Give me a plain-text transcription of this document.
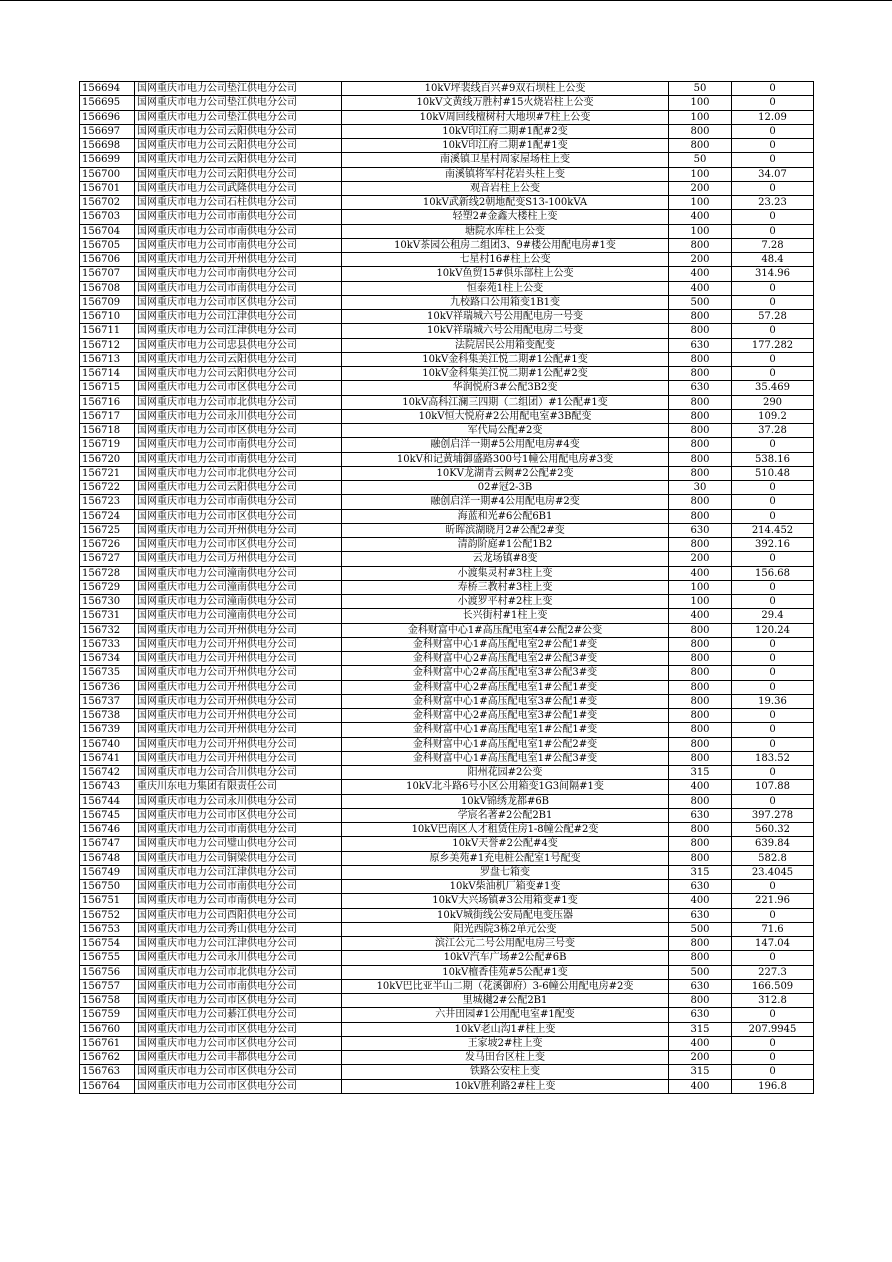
156694	国网重庆市电力公司垫江供电分公司	10kV坪裴线百兴#9双石坝柱上公变	50	0
156695	国网重庆市电力公司垫江供电分公司	10kV文黄线万胜村#15火烧岩柱上公变	100	0
156696	国网重庆市电力公司垫江供电分公司	10kV周回线檀树村大地坝#7柱上公变	100	12.09
156697	国网重庆市电力公司云阳供电分公司	10kV印江府二期#1配#2变	800	0
156698	国网重庆市电力公司云阳供电分公司	10kV印江府二期#1配#1变	800	0
156699	国网重庆市电力公司云阳供电分公司	南溪镇卫星村周家屋场柱上变	50	0
156700	国网重庆市电力公司云阳供电分公司	南溪镇将军村花岩头柱上变	100	34.07
156701	国网重庆市电力公司武隆供电分公司	观音岩柱上公变	200	0
156702	国网重庆市电力公司石柱供电分公司	10kV武新线2朝地配变S13-100kVA	100	23.23
156703	国网重庆市电力公司市南供电分公司	轻塑2#金鑫大楼柱上变	400	0
156704	国网重庆市电力公司市南供电分公司	塘院水库柱上公变	100	0
156705	国网重庆市电力公司市南供电分公司	10kV茶园公租房二组团3、9#楼公用配电房#1变	800	7.28
156706	国网重庆市电力公司开州供电分公司	七星村16#柱上公变	200	48.4
156707	国网重庆市电力公司市南供电分公司	10kV鱼贸15#俱乐部柱上公变	400	314.96
156708	国网重庆市电力公司市南供电分公司	恒泰苑1柱上公变	400	0
156709	国网重庆市电力公司市区供电分公司	九校路口公用箱变1B1变	500	0
156710	国网重庆市电力公司江津供电分公司	10kV祥瑞城六号公用配电房一号变	800	57.28
156711	国网重庆市电力公司江津供电分公司	10kV祥瑞城六号公用配电房二号变	800	0
156712	国网重庆市电力公司忠县供电分公司	法院居民公用箱变配变	630	177.282
156713	国网重庆市电力公司云阳供电分公司	10kV金科集美江悦二期#1公配#1变	800	0
156714	国网重庆市电力公司云阳供电分公司	10kV金科集美江悦二期#1公配#2变	800	0
156715	国网重庆市电力公司市区供电分公司	华润悦府3#公配3B2变	630	35.469
156716	国网重庆市电力公司市北供电分公司	10kV高科江澜三四期（二组团）#1公配#1变	800	290
156717	国网重庆市电力公司永川供电分公司	10kV恒大悦府#2公用配电室#3B配变	800	109.2
156718	国网重庆市电力公司市区供电分公司	军代局公配#2变	800	37.28
156719	国网重庆市电力公司市南供电分公司	融创启洋一期#5公用配电房#4变	800	0
156720	国网重庆市电力公司市南供电分公司	10kV和记黄埔御盛路300号1幢公用配电房#3变	800	538.16
156721	国网重庆市电力公司市北供电分公司	10KV龙湖青云阙#2公配#2变	800	510.48
156722	国网重庆市电力公司云阳供电分公司	02#冠2-3B	30	0
156723	国网重庆市电力公司市南供电分公司	融创启洋一期#4公用配电房#2变	800	0
156724	国网重庆市电力公司市区供电分公司	海蓝和光#6公配6B1	800	0
156725	国网重庆市电力公司开州供电分公司	昕晖滨湖晓月2#公配2#变	630	214.452
156726	国网重庆市电力公司市区供电分公司	清韵阶庭#1公配1B2	800	392.16
156727	国网重庆市电力公司万州供电分公司	云龙场镇#8变	200	0
156728	国网重庆市电力公司潼南供电分公司	小渡集灵村#3柱上变	400	156.68
156729	国网重庆市电力公司潼南供电分公司	寿桥三教村#3柱上变	100	0
156730	国网重庆市电力公司潼南供电分公司	小渡罗平村#2柱上变	100	0
156731	国网重庆市电力公司潼南供电分公司	长兴街村#1柱上变	400	29.4
156732	国网重庆市电力公司开州供电分公司	金科财富中心1#高压配电室4#公配2#公变	800	120.24
156733	国网重庆市电力公司开州供电分公司	金科财富中心1#高压配电室2#公配1#变	800	0
156734	国网重庆市电力公司开州供电分公司	金科财富中心2#高压配电室2#公配3#变	800	0
156735	国网重庆市电力公司开州供电分公司	金科财富中心2#高压配电室3#公配3#变	800	0
156736	国网重庆市电力公司开州供电分公司	金科财富中心2#高压配电室1#公配1#变	800	0
156737	国网重庆市电力公司开州供电分公司	金科财富中心1#高压配电室3#公配1#变	800	19.36
156738	国网重庆市电力公司开州供电分公司	金科财富中心2#高压配电室3#公配1#变	800	0
156739	国网重庆市电力公司开州供电分公司	金科财富中心1#高压配电室1#公配1#变	800	0
156740	国网重庆市电力公司开州供电分公司	金科财富中心1#高压配电室1#公配2#变	800	0
156741	国网重庆市电力公司开州供电分公司	金科财富中心1#高压配电室1#公配3#变	800	183.52
156742	国网重庆市电力公司合川供电分公司	阳州花园#2公变	315	0
156743	重庆川东电力集团有限责任公司	10kV北斗路6号小区公用箱变1G3间隔#1变	400	107.88
156744	国网重庆市电力公司永川供电分公司	10kV锦绣龙都#6B	800	0
156745	国网重庆市电力公司市区供电分公司	学宸名著#2公配2B1	630	397.278
156746	国网重庆市电力公司市南供电分公司	10kV巴南区人才租赁住房1-8幢公配#2变	800	560.32
156747	国网重庆市电力公司璧山供电分公司	10kV天誉#2公配#4变	800	639.84
156748	国网重庆市电力公司铜梁供电分公司	原乡美苑#1充电桩公配室1号配变	800	582.8
156749	国网重庆市电力公司江津供电分公司	罗盘七箱变	315	23.4045
156750	国网重庆市电力公司市南供电分公司	10kV柴油机厂箱变#1变	630	0
156751	国网重庆市电力公司市南供电分公司	10kV大兴场镇#3公用箱变#1变	400	221.96
156752	国网重庆市电力公司酉阳供电分公司	10kV城街线公安局配电变压器	630	0
156753	国网重庆市电力公司秀山供电分公司	阳光西院3栋2单元公变	500	71.6
156754	国网重庆市电力公司江津供电分公司	滨江公元二号公用配电房三号变	800	147.04
156755	国网重庆市电力公司永川供电分公司	10kV汽车广场#2公配#6B	800	0
156756	国网重庆市电力公司市北供电分公司	10kV檀香佳苑#5公配#1变	500	227.3
156757	国网重庆市电力公司市南供电分公司	10kV巴比亚半山二期（花溪御府）3-6幢公用配电房#2变	630	166.509
156758	国网重庆市电力公司市区供电分公司	里城樾2#公配2B1	800	312.8
156759	国网重庆市电力公司綦江供电分公司	六井田园#1公用配电室#1配变	630	0
156760	国网重庆市电力公司市区供电分公司	10kV老山沟1#柱上变	315	207.9945
156761	国网重庆市电力公司市区供电分公司	王家坡2#柱上变	400	0
156762	国网重庆市电力公司丰都供电分公司	发马田台区柱上变	200	0
156763	国网重庆市电力公司市区供电分公司	铁路公安柱上变	315	0
156764	国网重庆市电力公司市区供电分公司	10kV胜利路2#柱上变	400	196.8
